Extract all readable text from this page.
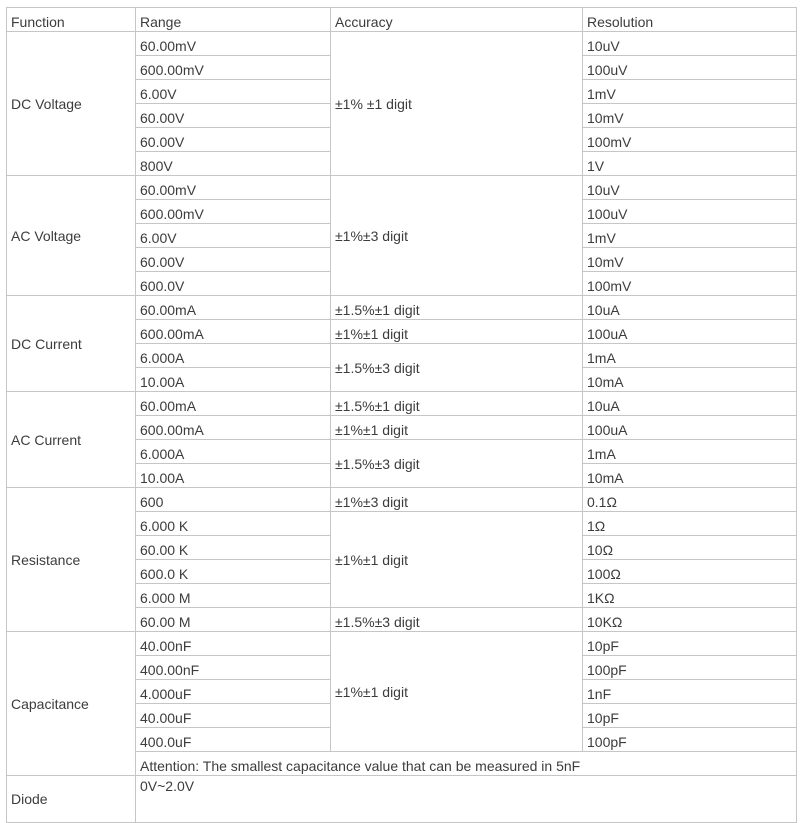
Function	Range	Accuracy	Resolution
DC Voltage	60.00mV	±1% ±1 digit	10uV
	600.00mV		100uV
	6.00V		1mV
	60.00V		10mV
	60.00V		100mV
	800V		1V
AC Voltage	60.00mV	±1%±3 digit	10uV
	600.00mV		100uV
	6.00V		1mV
	60.00V		10mV
	600.0V		100mV
DC Current	60.00mA	±1.5%±1 digit	10uA
	600.00mA	±1%±1 digit	100uA
	6.000A	±1.5%±3 digit	1mA
	10.00A		10mA
AC Current	60.00mA	±1.5%±1 digit	10uA
	600.00mA	±1%±1 digit	100uA
	6.000A	±1.5%±3 digit	1mA
	10.00A		10mA
Resistance	600	±1%±3 digit	0.1Ω
	6.000 K	±1%±1 digit	1Ω
	60.00 K		10Ω
	600.0 K		100Ω
	6.000 M		1KΩ
	60.00 M	±1.5%±3 digit	10KΩ
Capacitance	40.00nF	±1%±1 digit	10pF
	400.00nF		100pF
	4.000uF		1nF
	40.00uF		10pF
	400.0uF		100pF
	Attention: The smallest capacitance value that can be measured in 5nF		
Diode	0V~2.0V		
